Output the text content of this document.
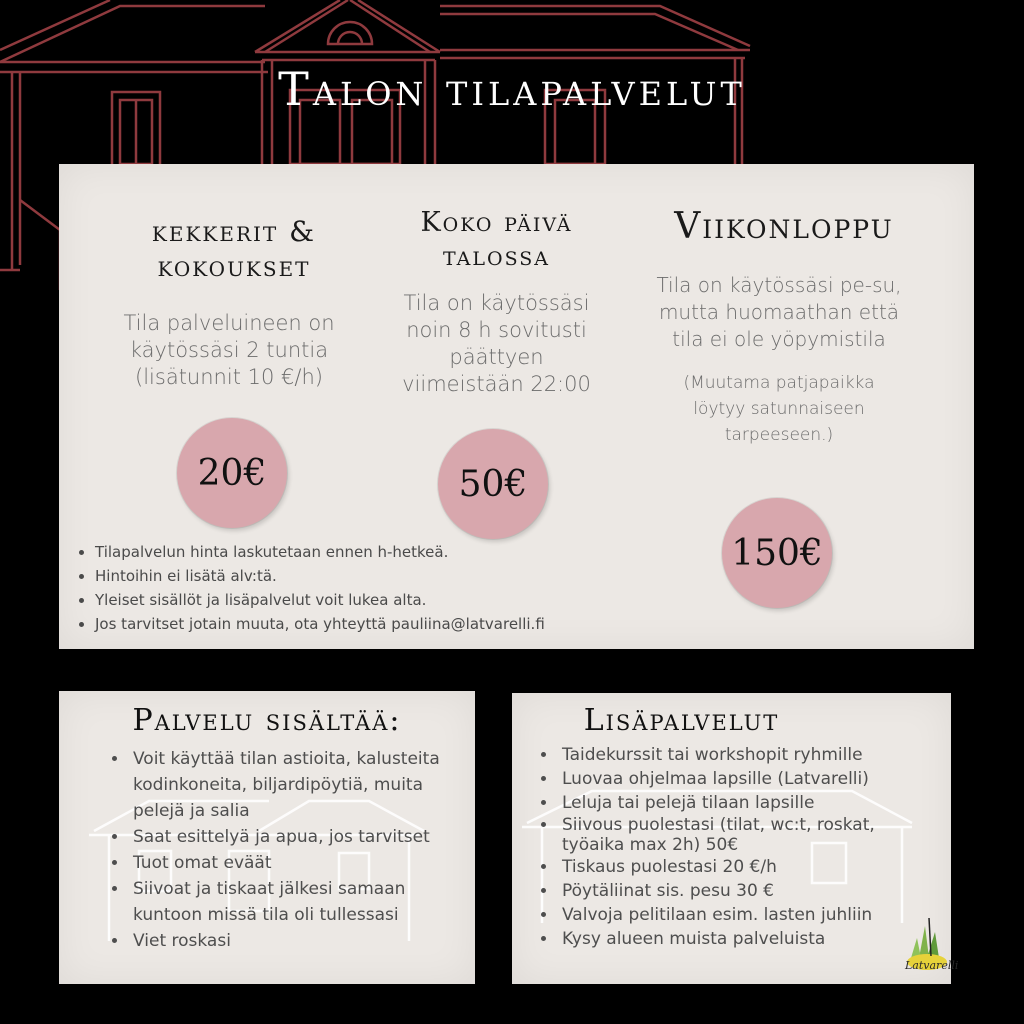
Talon tilapalvelut
kekkerit & kokoukset
Tila palveluineen on käytössäsi 2 tuntia (lisätunnit 10 €/h)
20€
Koko päivä talossa
Tila on käytössäsi noin 8 h sovitusti päättyen viimeistään 22:00
50€
Viikonloppu
Tila on käytössäsi pe-su, mutta huomaathan että tila ei ole yöpymistila
(Muutama patjapaikka löytyy satunnaiseen tarpeeseen.)
150€
• Tilapalvelun hinta laskutetaan ennen h-hetkeä.
• Hintoihin ei lisätä alv:tä.
• Yleiset sisällöt ja lisäpalvelut voit lukea alta.
• Jos tarvitset jotain muuta, ota yhteyttä pauliina@latvarelli.fi
Palvelu sisältää:
• Voit käyttää tilan astioita, kalusteita kodinkoneita, biljardipöytiä, muita pelejä ja salia
• Saat esittelyä ja apua, jos tarvitset
• Tuot omat eväät
• Siivoat ja tiskaat jälkesi samaan kuntoon missä tila oli tullessasi
• Viet roskasi
Lisäpalvelut
• Taidekurssit tai workshopit ryhmille
• Luovaa ohjelmaa lapsille (Latvarelli)
• Leluja tai pelejä tilaan lapsille
• Siivous puolestasi (tilat, wc:t, roskat, työaika max 2h) 50€
• Tiskaus puolestasi 20 €/h
• Pöytäliinat sis. pesu 30 €
• Valvoja pelitilaan esim. lasten juhliin
• Kysy alueen muista palveluista
Latvarelli
